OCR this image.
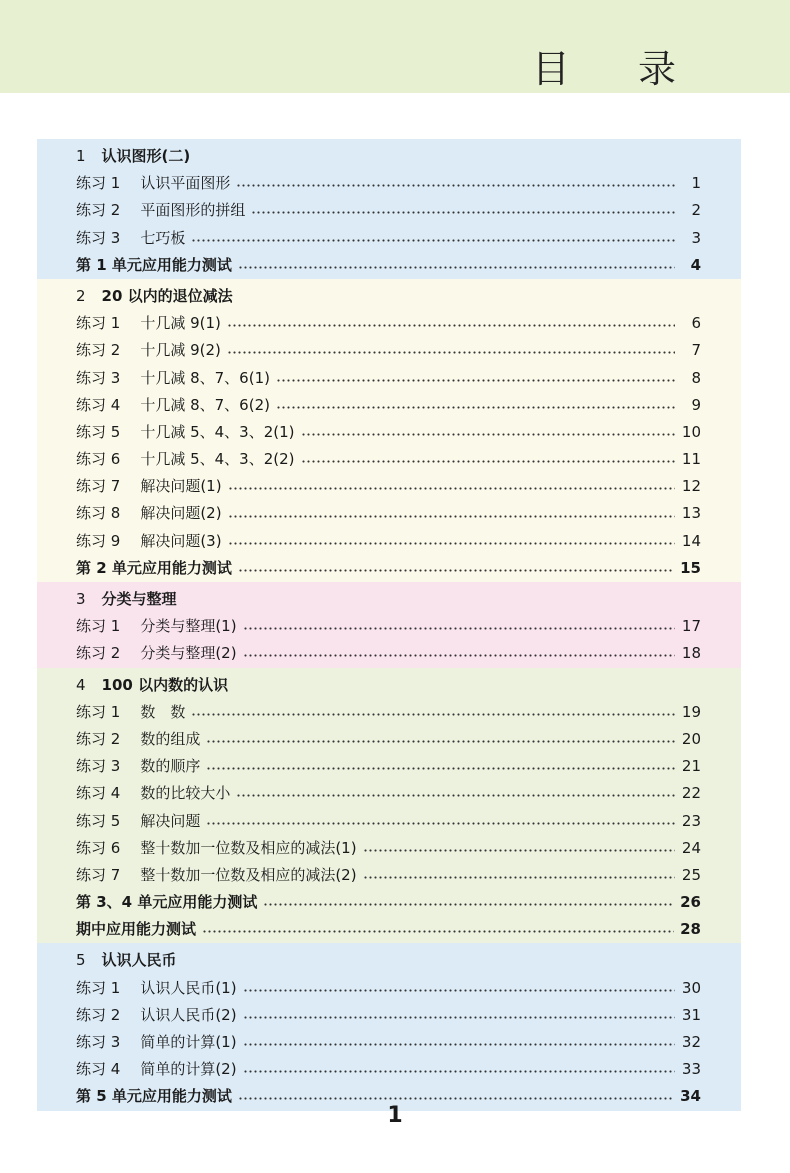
目 录
1 认识图形(二)
练习 1 认识平面图形	1
练习 2 平面图形的拼组	2
练习 3 七巧板	3
第 1 单元应用能力测试	4
2 20 以内的退位减法
练习 1 十几减 9(1)	6
练习 2 十几减 9(2)	7
练习 3 十几减 8、7、6(1)	8
练习 4 十几减 8、7、6(2)	9
练习 5 十几减 5、4、3、2(1)	10
练习 6 十几减 5、4、3、2(2)	11
练习 7 解决问题(1)	12
练习 8 解决问题(2)	13
练习 9 解决问题(3)	14
第 2 单元应用能力测试	15
3 分类与整理
练习 1 分类与整理(1)	17
练习 2 分类与整理(2)	18
4 100 以内数的认识
练习 1 数　数	19
练习 2 数的组成	20
练习 3 数的顺序	21
练习 4 数的比较大小	22
练习 5 解决问题	23
练习 6 整十数加一位数及相应的减法(1)	24
练习 7 整十数加一位数及相应的减法(2)	25
第 3、4 单元应用能力测试	26
期中应用能力测试	28
5 认识人民币
练习 1 认识人民币(1)	30
练习 2 认识人民币(2)	31
练习 3 简单的计算(1)	32
练习 4 简单的计算(2)	33
第 5 单元应用能力测试	34
1
